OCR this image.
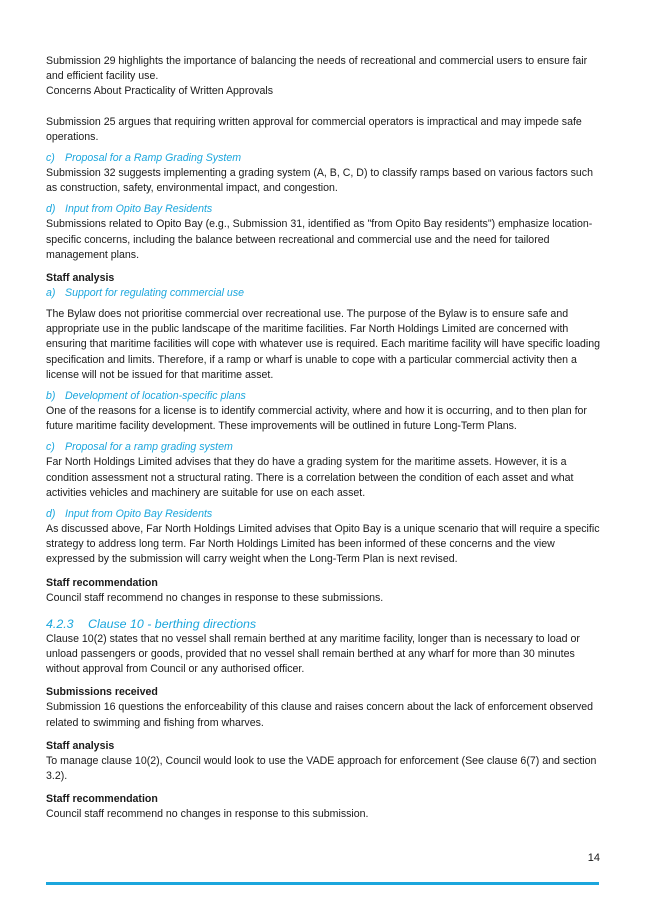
Submission 29 highlights the importance of balancing the needs of recreational and commercial users to ensure fair and efficient facility use.

Concerns About Practicality of Written Approvals

Submission 25 argues that requiring written approval for commercial operators is impractical and may impede safe operations.

c) Proposal for a Ramp Grading System

Submission 32 suggests implementing a grading system (A, B, C, D) to classify ramps based on various factors such as construction, safety, environmental impact, and congestion.

d) Input from Opito Bay Residents

Submissions related to Opito Bay (e.g., Submission 31, identified as "from Opito Bay residents") emphasize location-specific concerns, including the balance between recreational and commercial use and the need for tailored management plans.

Staff analysis

a) Support for regulating commercial use

The Bylaw does not prioritise commercial over recreational use. The purpose of the Bylaw is to ensure safe and appropriate use in the public landscape of the maritime facilities. Far North Holdings Limited are concerned with ensuring that maritime facilities will cope with whatever use is required. Each maritime facility will have specific loading specification and limits. Therefore, if a ramp or wharf is unable to cope with a particular commercial activity then a license will not be issued for that maritime asset.

b) Development of location-specific plans

One of the reasons for a license is to identify commercial activity, where and how it is occurring, and to then plan for future maritime facility development. These improvements will be outlined in future Long-Term Plans.

c) Proposal for a ramp grading system

Far North Holdings Limited advises that they do have a grading system for the maritime assets. However, it is a condition assessment not a structural rating. There is a correlation between the condition of each asset and what activities vehicles and machinery are suitable for use on each asset.

d) Input from Opito Bay Residents

As discussed above, Far North Holdings Limited advises that Opito Bay is a unique scenario that will require a specific strategy to address long term. Far North Holdings Limited has been informed of these concerns and the view expressed by the submission will carry weight when the Long-Term Plan is next revised.

Staff recommendation

Council staff recommend no changes in response to these submissions.

4.2.3 Clause 10 - berthing directions

Clause 10(2) states that no vessel shall remain berthed at any maritime facility, longer than is necessary to load or unload passengers or goods, provided that no vessel shall remain berthed at any wharf for more than 30 minutes without approval from Council or any authorised officer.

Submissions received

Submission 16 questions the enforceability of this clause and raises concern about the lack of enforcement observed related to swimming and fishing from wharves.

Staff analysis

To manage clause 10(2), Council would look to use the VADE approach for enforcement (See clause 6(7) and section 3.2).

Staff recommendation

Council staff recommend no changes in response to this submission.

14
